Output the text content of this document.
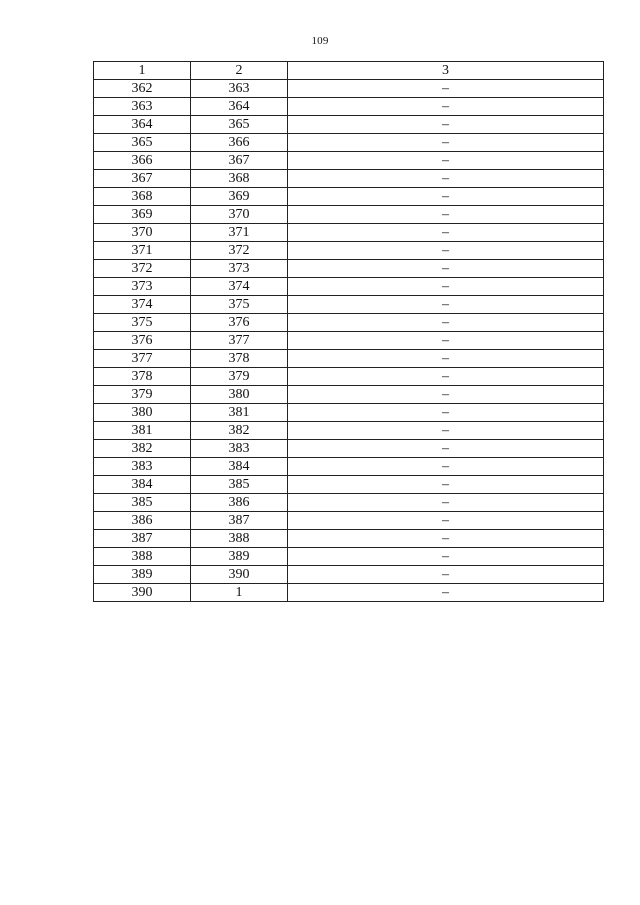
109
1	2	3
362	363	–
363	364	–
364	365	–
365	366	–
366	367	–
367	368	–
368	369	–
369	370	–
370	371	–
371	372	–
372	373	–
373	374	–
374	375	–
375	376	–
376	377	–
377	378	–
378	379	–
379	380	–
380	381	–
381	382	–
382	383	–
383	384	–
384	385	–
385	386	–
386	387	–
387	388	–
388	389	–
389	390	–
390	1	–
